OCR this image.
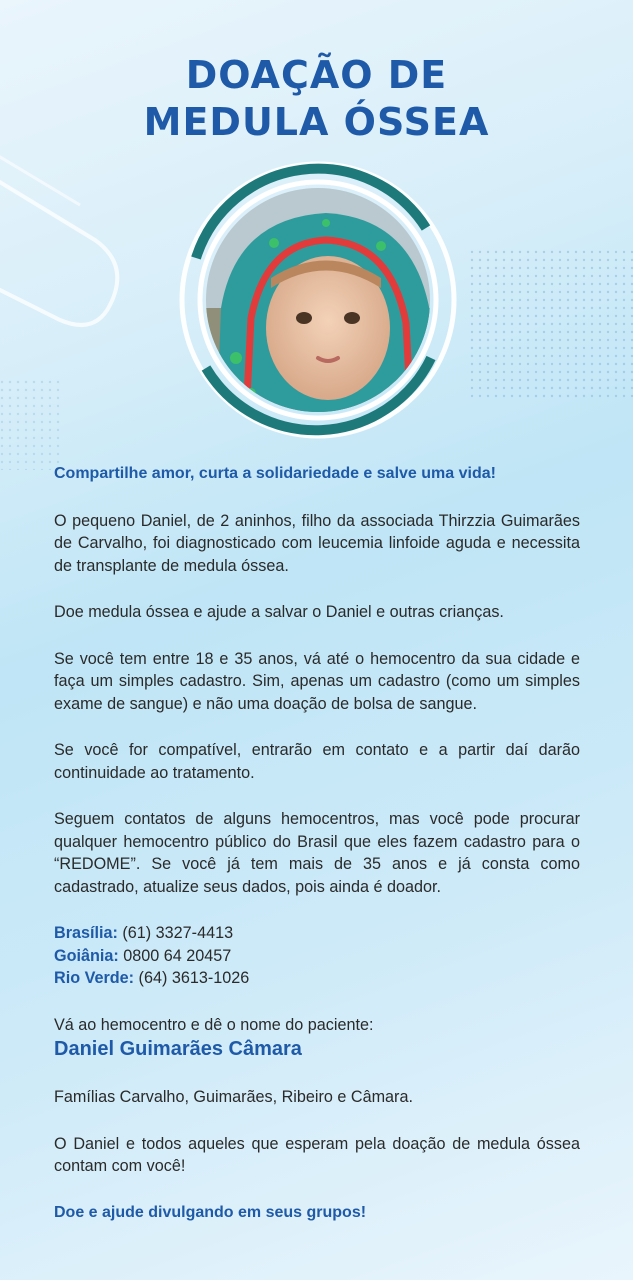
DOAÇÃO DE
MEDULA ÓSSEA

Compartilhe amor, curta a solidariedade e salve uma vida!

O pequeno Daniel, de 2 aninhos, filho da associada Thirzzia Guimarães de Carvalho, foi diagnosticado com leucemia linfoide aguda e necessita de transplante de medula óssea.

Doe medula óssea e ajude a salvar o Daniel e outras crianças.

Se você tem entre 18 e 35 anos, vá até o hemocentro da sua cidade e faça um simples cadastro. Sim, apenas um cadastro (como um simples exame de sangue) e não uma doação de bolsa de sangue.

Se você for compatível, entrarão em contato e a partir daí darão continuidade ao tratamento.

Seguem contatos de alguns hemocentros, mas você pode procurar qualquer hemocentro público do Brasil que eles fazem cadastro para o “REDOME”. Se você já tem mais de 35 anos e já consta como cadastrado, atualize seus dados, pois ainda é doador.

Brasília: (61) 3327-4413
Goiânia: 0800 64 20457
Rio Verde: (64) 3613-1026

Vá ao hemocentro e dê o nome do paciente:

Daniel Guimarães Câmara

Famílias Carvalho, Guimarães, Ribeiro e Câmara.

O Daniel e todos aqueles que esperam pela doação de medula óssea contam com você!

Doe e ajude divulgando em seus grupos!
